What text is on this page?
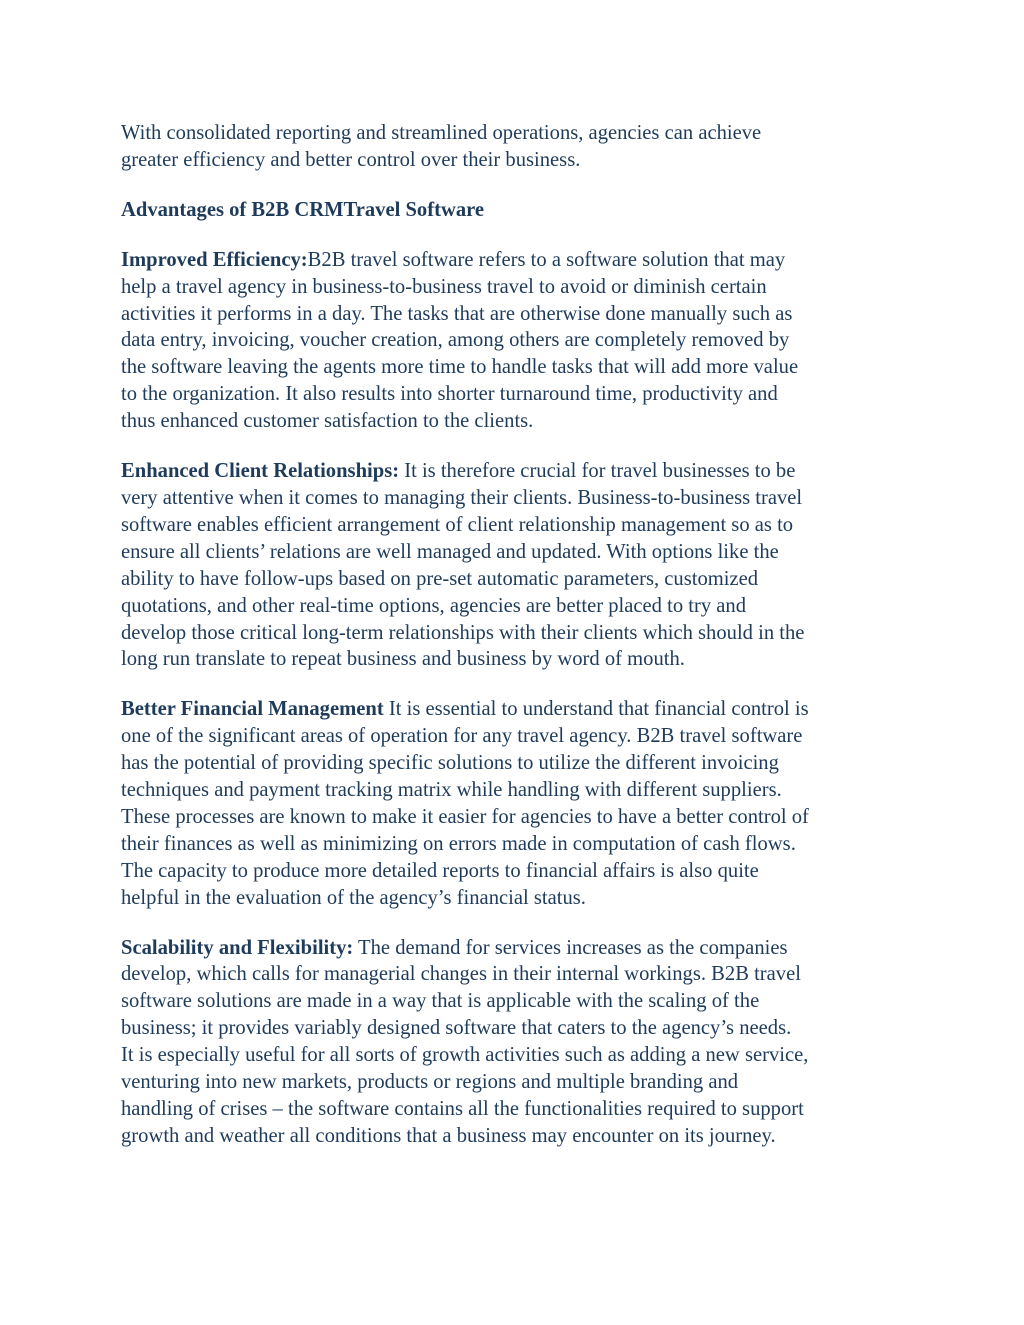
With consolidated reporting and streamlined operations, agencies can achieve
greater efficiency and better control over their business.

Advantages of B2B CRMTravel Software

Improved Efficiency:B2B travel software refers to a software solution that may
help a travel agency in business-to-business travel to avoid or diminish certain
activities it performs in a day. The tasks that are otherwise done manually such as
data entry, invoicing, voucher creation, among others are completely removed by
the software leaving the agents more time to handle tasks that will add more value
to the organization. It also results into shorter turnaround time, productivity and
thus enhanced customer satisfaction to the clients.

Enhanced Client Relationships: It is therefore crucial for travel businesses to be
very attentive when it comes to managing their clients. Business-to-business travel
software enables efficient arrangement of client relationship management so as to
ensure all clients’ relations are well managed and updated. With options like the
ability to have follow-ups based on pre-set automatic parameters, customized
quotations, and other real-time options, agencies are better placed to try and
develop those critical long-term relationships with their clients which should in the
long run translate to repeat business and business by word of mouth.

Better Financial Management It is essential to understand that financial control is
one of the significant areas of operation for any travel agency. B2B travel software
has the potential of providing specific solutions to utilize the different invoicing
techniques and payment tracking matrix while handling with different suppliers.
These processes are known to make it easier for agencies to have a better control of
their finances as well as minimizing on errors made in computation of cash flows.
The capacity to produce more detailed reports to financial affairs is also quite
helpful in the evaluation of the agency’s financial status.

Scalability and Flexibility: The demand for services increases as the companies
develop, which calls for managerial changes in their internal workings. B2B travel
software solutions are made in a way that is applicable with the scaling of the
business; it provides variably designed software that caters to the agency’s needs.
It is especially useful for all sorts of growth activities such as adding a new service,
venturing into new markets, products or regions and multiple branding and
handling of crises – the software contains all the functionalities required to support
growth and weather all conditions that a business may encounter on its journey.
